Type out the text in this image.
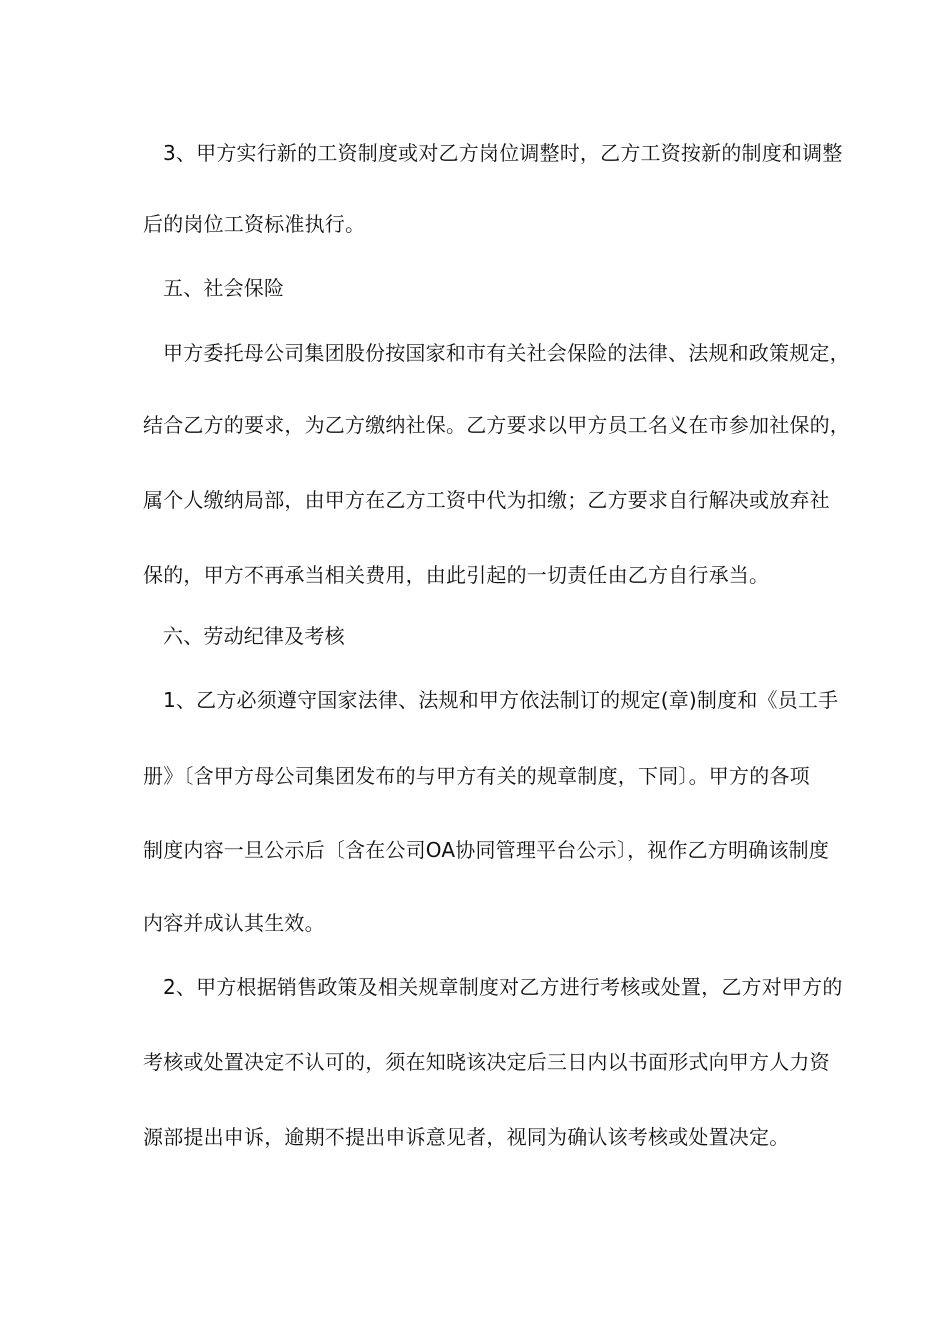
3、甲方实行新的工资制度或对乙方岗位调整时，乙方工资按新的制度和调整

后的岗位工资标准执行。

五、社会保险

甲方委托母公司集团股份按国家和市有关社会保险的法律、法规和政策规定，

结合乙方的要求，为乙方缴纳社保。乙方要求以甲方员工名义在市参加社保的，

属个人缴纳局部，由甲方在乙方工资中代为扣缴；乙方要求自行解决或放弃社

保的，甲方不再承当相关费用，由此引起的一切责任由乙方自行承当。

六、劳动纪律及考核

1、乙方必须遵守国家法律、法规和甲方依法制订的规定(章)制度和《员工手

册》〔含甲方母公司集团发布的与甲方有关的规章制度，下同〕。甲方的各项

制度内容一旦公示后〔含在公司OA协同管理平台公示〕，视作乙方明确该制度

内容并成认其生效。

2、甲方根据销售政策及相关规章制度对乙方进行考核或处置，乙方对甲方的

考核或处置决定不认可的，须在知晓该决定后三日内以书面形式向甲方人力资

源部提出申诉，逾期不提出申诉意见者，视同为确认该考核或处置决定。
